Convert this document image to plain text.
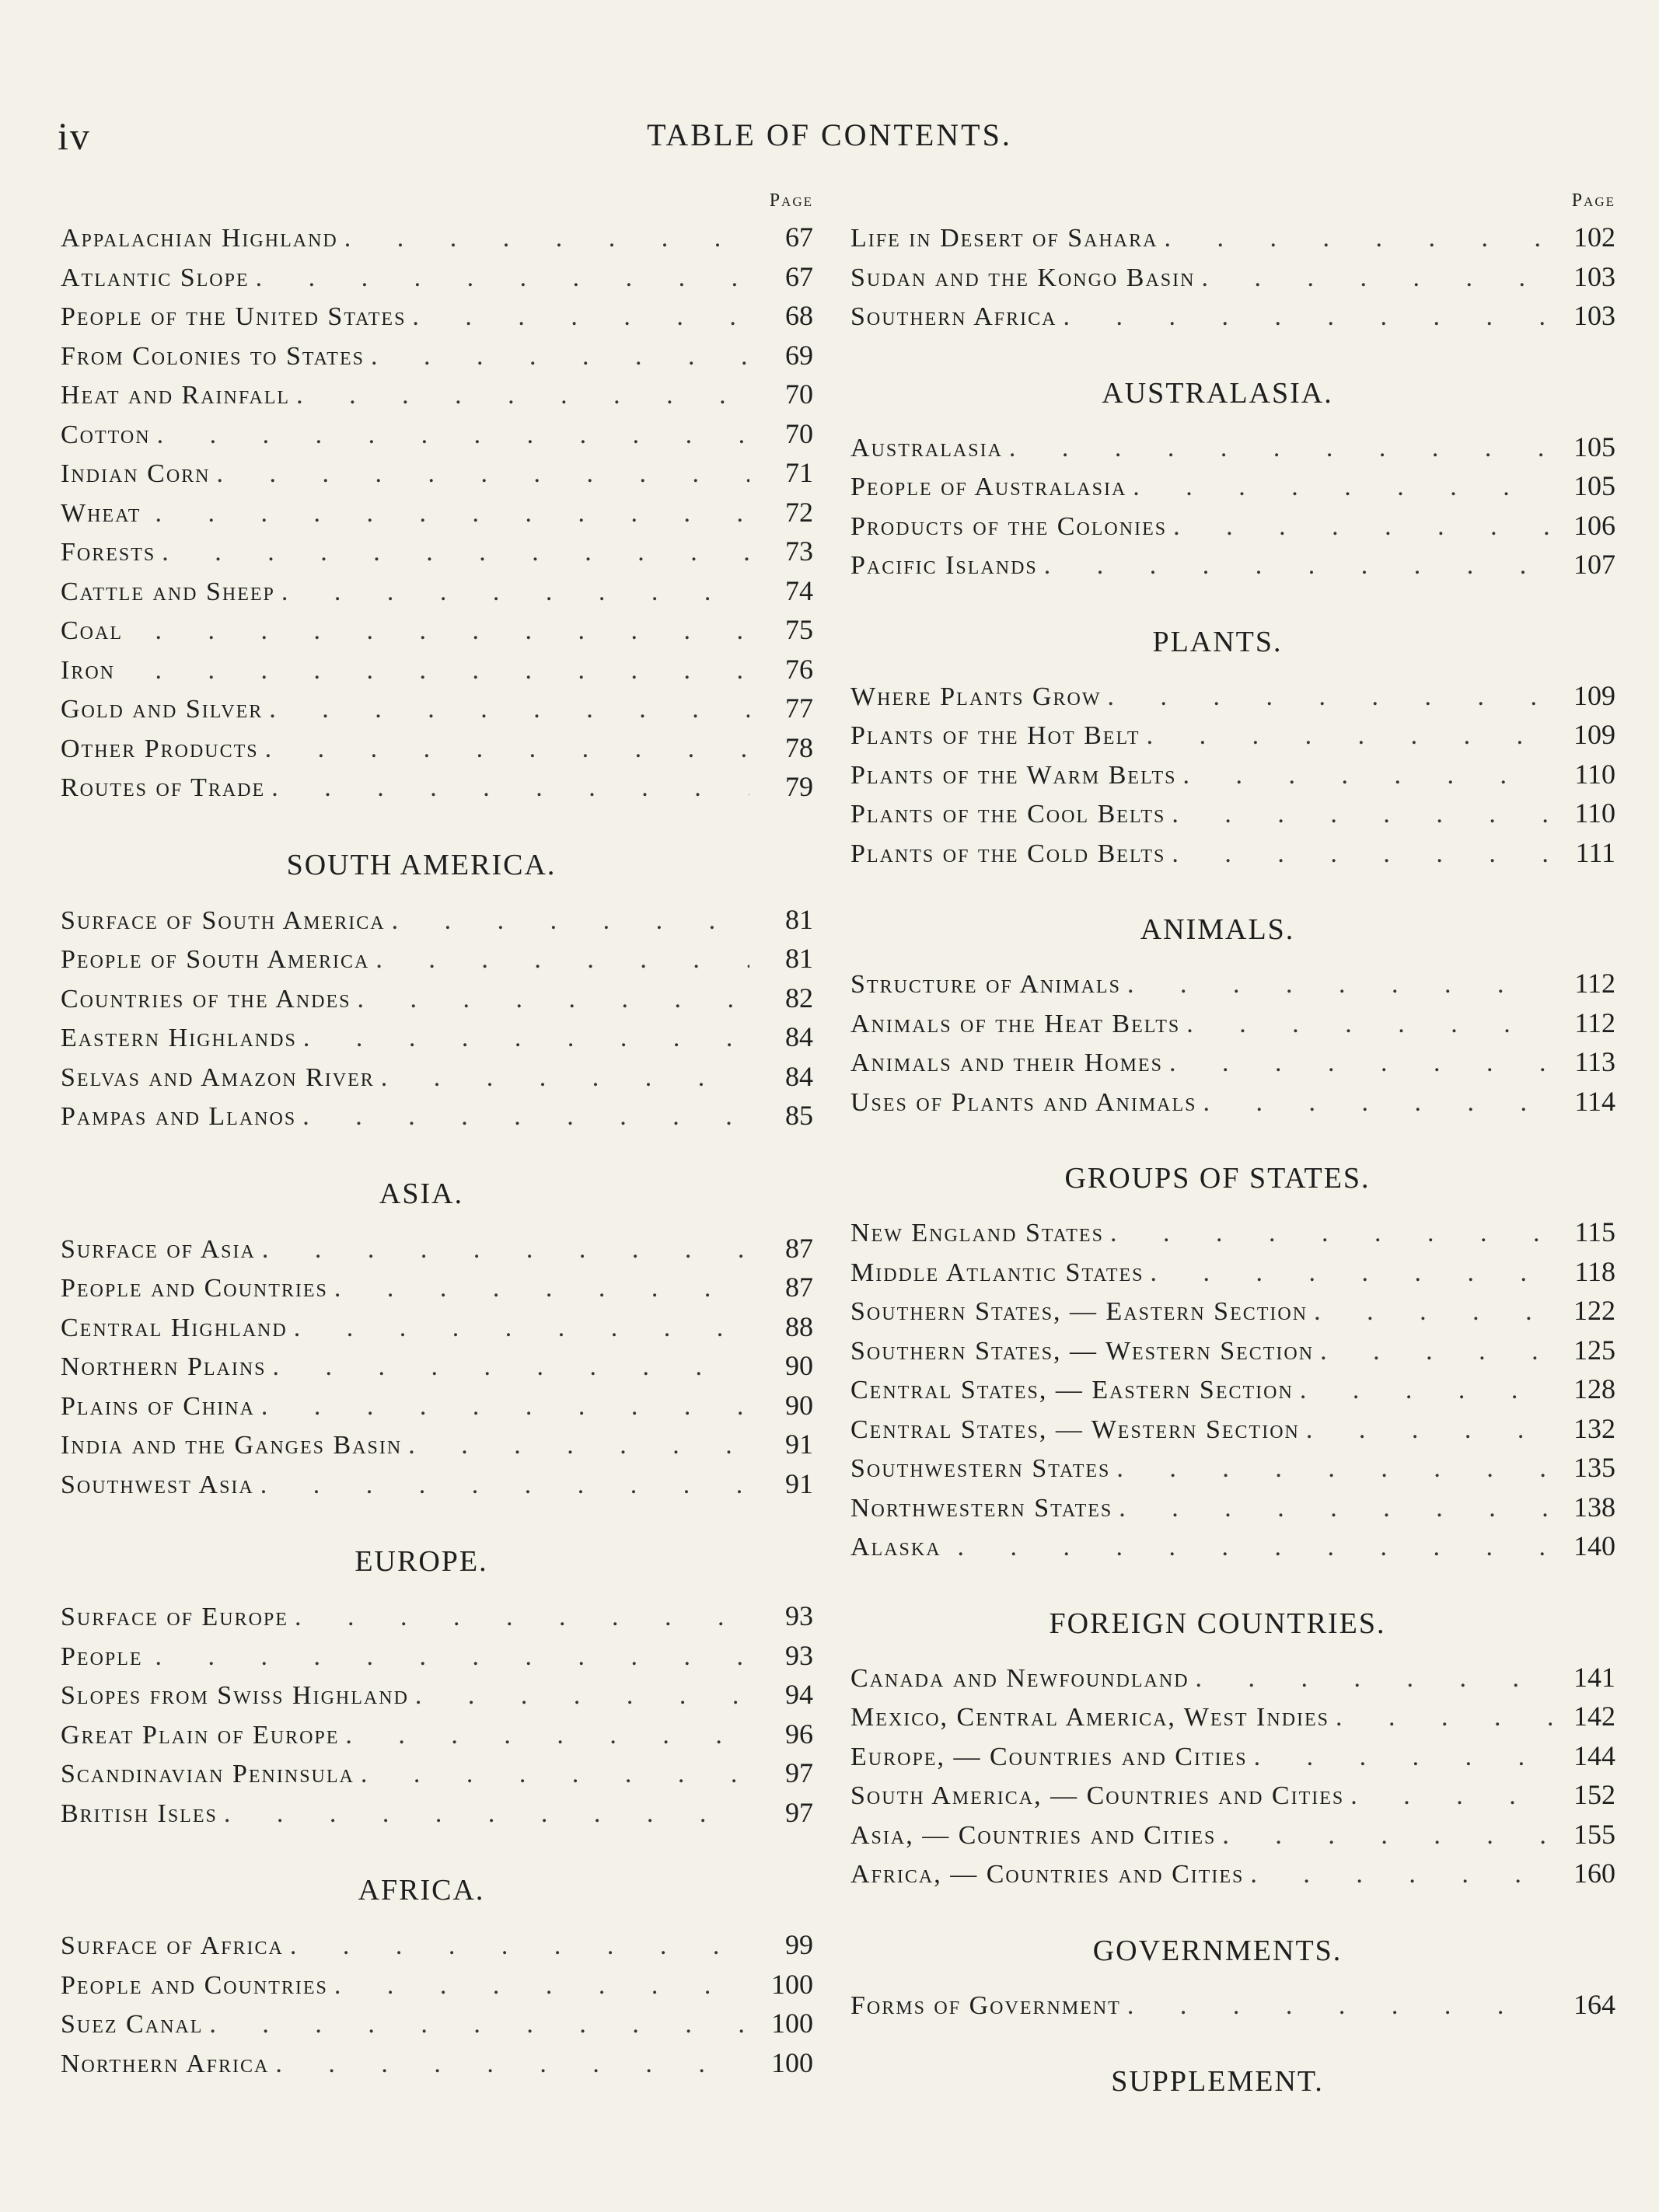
iv	TABLE OF CONTENTS.
Page
Appalachian Highland .	67
Atlantic Slope .	67
People of the United States .	68
From Colonies to States .	69
Heat and Rainfall .	70
Cotton .	70
Indian Corn .	71
Wheat .	72
Forests .	73
Cattle and Sheep .	74
Coal .	75
Iron .	76
Gold and Silver .	77
Other Products .	78
Routes of Trade .	79
SOUTH AMERICA.
Surface of South America .	81
People of South America .	81
Countries of the Andes .	82
Eastern Highlands .	84
Selvas and Amazon River .	84
Pampas and Llanos .	85
ASIA.
Surface of Asia .	87
People and Countries .	87
Central Highland .	88
Northern Plains .	90
Plains of China .	90
India and the Ganges Basin .	91
Southwest Asia .	91
EUROPE.
Surface of Europe .	93
People .	93
Slopes from Swiss Highland .	94
Great Plain of Europe .	96
Scandinavian Peninsula .	97
British Isles .	97
AFRICA.
Surface of Africa .	99
People and Countries .	100
Suez Canal .	100
Northern Africa .	100
Page
Life in Desert of Sahara .	102
Sudan and the Kongo Basin .	103
Southern Africa .	103
AUSTRALASIA.
Australasia .	105
People of Australasia .	105
Products of the Colonies .	106
Pacific Islands .	107
PLANTS.
Where Plants Grow .	109
Plants of the Hot Belt .	109
Plants of the Warm Belts .	110
Plants of the Cool Belts .	110
Plants of the Cold Belts .	111
ANIMALS.
Structure of Animals .	112
Animals of the Heat Belts .	112
Animals and their Homes .	113
Uses of Plants and Animals .	114
GROUPS OF STATES.
New England States .	115
Middle Atlantic States .	118
Southern States, — Eastern Section .	122
Southern States, — Western Section .	125
Central States, — Eastern Section .	128
Central States, — Western Section .	132
Southwestern States .	135
Northwestern States .	138
Alaska .	140
FOREIGN COUNTRIES.
Canada and Newfoundland .	141
Mexico, Central America, West Indies .	142
Europe, — Countries and Cities .	144
South America, — Countries and Cities .	152
Asia, — Countries and Cities .	155
Africa, — Countries and Cities .	160
GOVERNMENTS.
Forms of Government .	164
SUPPLEMENT.
